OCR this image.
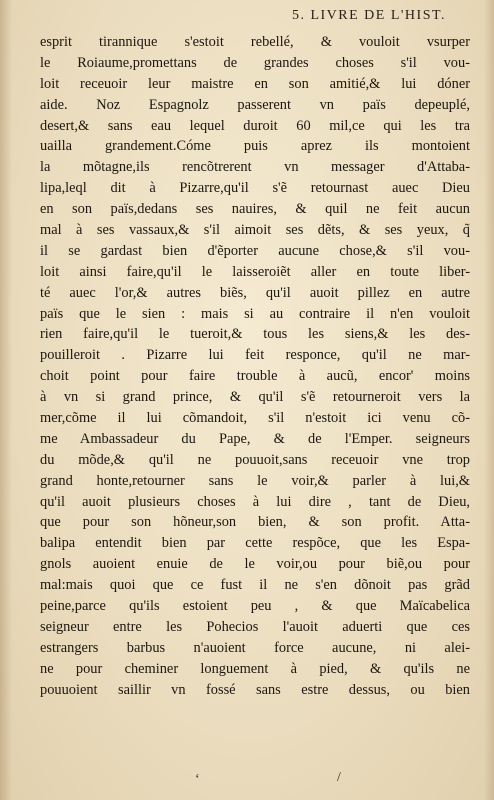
5. LIVRE DE L'HIST.
esprit tirannique s'estoit rebellé, & vouloit vsurper
le Roiaume,promettans de grandes choses s'il vou-
loit receuoir leur maistre en son amitié,& lui dóner
aide. Noz Espagnolz passerent vn païs depeuplé,
desert,& sans eau lequel duroit 60 mil,ce qui les tra
uailla grandement.Cóme puis aprez ils montoient
la mõtagne,ils rencõtrerent vn messager d'Attaba-
lipa,leql dit à Pizarre,qu'il s'ẽ retournast auec Dieu
en son païs,dedans ses nauires, & quil ne feit aucun
mal à ses vassaux,& s'il aimoit ses dẽts, & ses yeux, q̃
il se gardast bien d'ẽporter aucune chose,& s'il vou-
loit ainsi faire,qu'il le laisseroiẽt aller en toute liber-
té auec l'or,& autres biẽs, qu'il auoit pillez en autre
païs que le sien : mais si au contraire il n'en vouloit
rien faire,qu'il le tueroit,& tous les siens,& les des-
pouilleroit . Pizarre lui feit responce, qu'il ne mar-
choit point pour faire trouble à aucũ, encor' moins
à vn si grand prince, & qu'il s'ẽ retourneroit vers la
mer,cõme il lui cõmandoit, s'il n'estoit ici venu cõ-
me Ambassadeur du Pape, & de l'Emper. seigneurs
du mõde,& qu'il ne pouuoit,sans receuoir vne trop
grand honte,retourner sans le voir,& parler à lui,&
qu'il auoit plusieurs choses à lui dire , tant de Dieu,
que pour son hõneur,son bien, & son profit. Atta-
balipa entendit bien par cette respõce, que les Espa-
gnols auoient enuie de le voir,ou pour biẽ,ou pour
mal:mais quoi que ce fust il ne s'en dõnoit pas grãd
peine,parce qu'ils estoient peu , & que Maïcabelica
seigneur entre les Pohecios l'auoit aduerti que ces
estrangers barbus n'auoient force aucune, ni alei-
ne pour cheminer longuement à pied, & qu'ils ne
pouuoient saillir vn fossé sans estre dessus, ou bien
‘	/
